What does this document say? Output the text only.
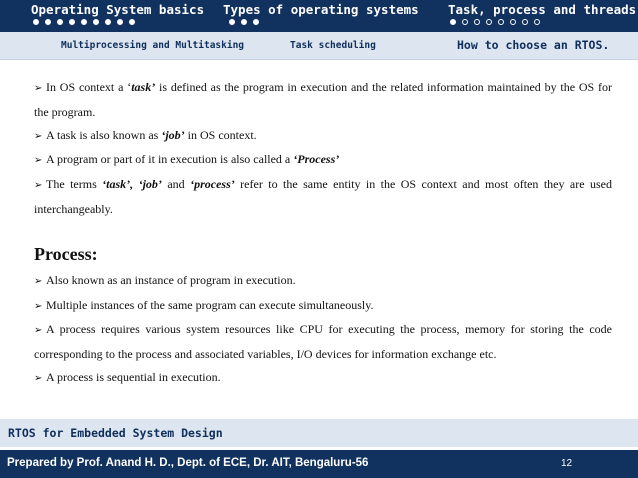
Operating System basics Types of operating systems Task, process and threads
Multiprocessing and Multitasking	Task scheduling	How to choose an RTOS.
➢ In OS context a ‘task’ is defined as the program in execution and the related information maintained by the OS for the program.
➢ A task is also known as ‘job’ in OS context.
➢ A program or part of it in execution is also called a ‘Process’
➢ The terms ‘task’, ‘job’ and ‘process’ refer to the same entity in the OS context and most often they are used interchangeably.
Process:
➢ Also known as an instance of program in execution.
➢ Multiple instances of the same program can execute simultaneously.
➢ A process requires various system resources like CPU for executing the process, memory for storing the code corresponding to the process and associated variables, I/O devices for information exchange etc.
➢ A process is sequential in execution.
RTOS for Embedded System Design
Prepared by Prof. Anand H. D., Dept. of ECE, Dr. AIT, Bengaluru-56	12
